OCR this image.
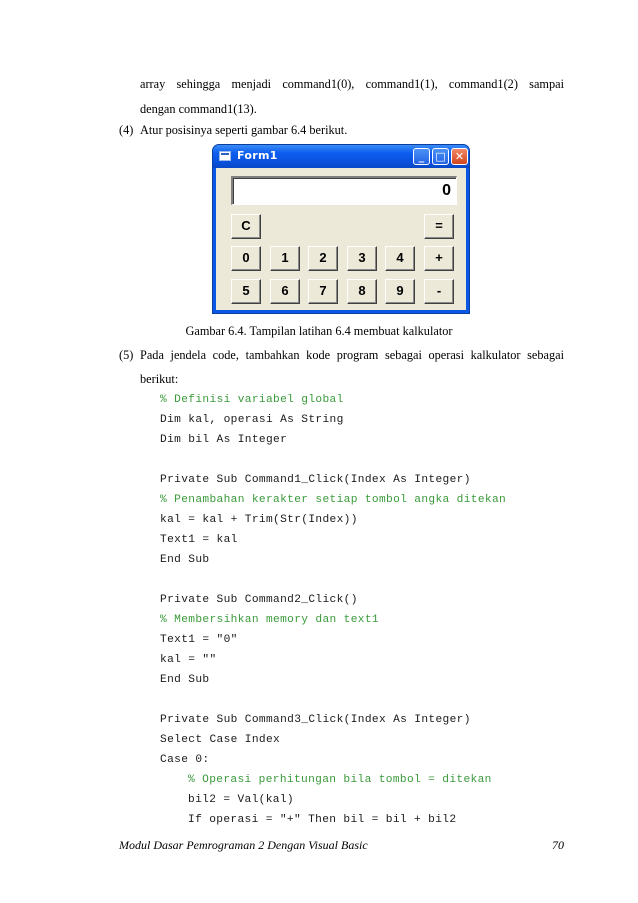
array sehingga menjadi command1(0), command1(1), command1(2) sampai
dengan command1(13).
(4) Atur posisinya seperti gambar 6.4 berikut.
Form1	_	□ ✕
0
C	=
0	1	2	3	4	+
5	6	7	8	9	-
Gambar 6.4. Tampilan latihan 6.4 membuat kalkulator
(5) Pada jendela code, tambahkan kode program sebagai operasi kalkulator sebagai
berikut:
% Definisi variabel global
Dim kal, operasi As String
Dim bil As Integer
Private Sub Command1_Click(Index As Integer)
% Penambahan kerakter setiap tombol angka ditekan
kal = kal + Trim(Str(Index))
Text1 = kal
End Sub
Private Sub Command2_Click()
% Membersihkan memory dan text1
Text1 = "0"
kal = ""
End Sub
Private Sub Command3_Click(Index As Integer)
Select Case Index
Case 0:
% Operasi perhitungan bila tombol = ditekan
bil2 = Val(kal)
If operasi = "+" Then bil = bil + bil2
Modul Dasar Pemrograman 2 Dengan Visual Basic	70
